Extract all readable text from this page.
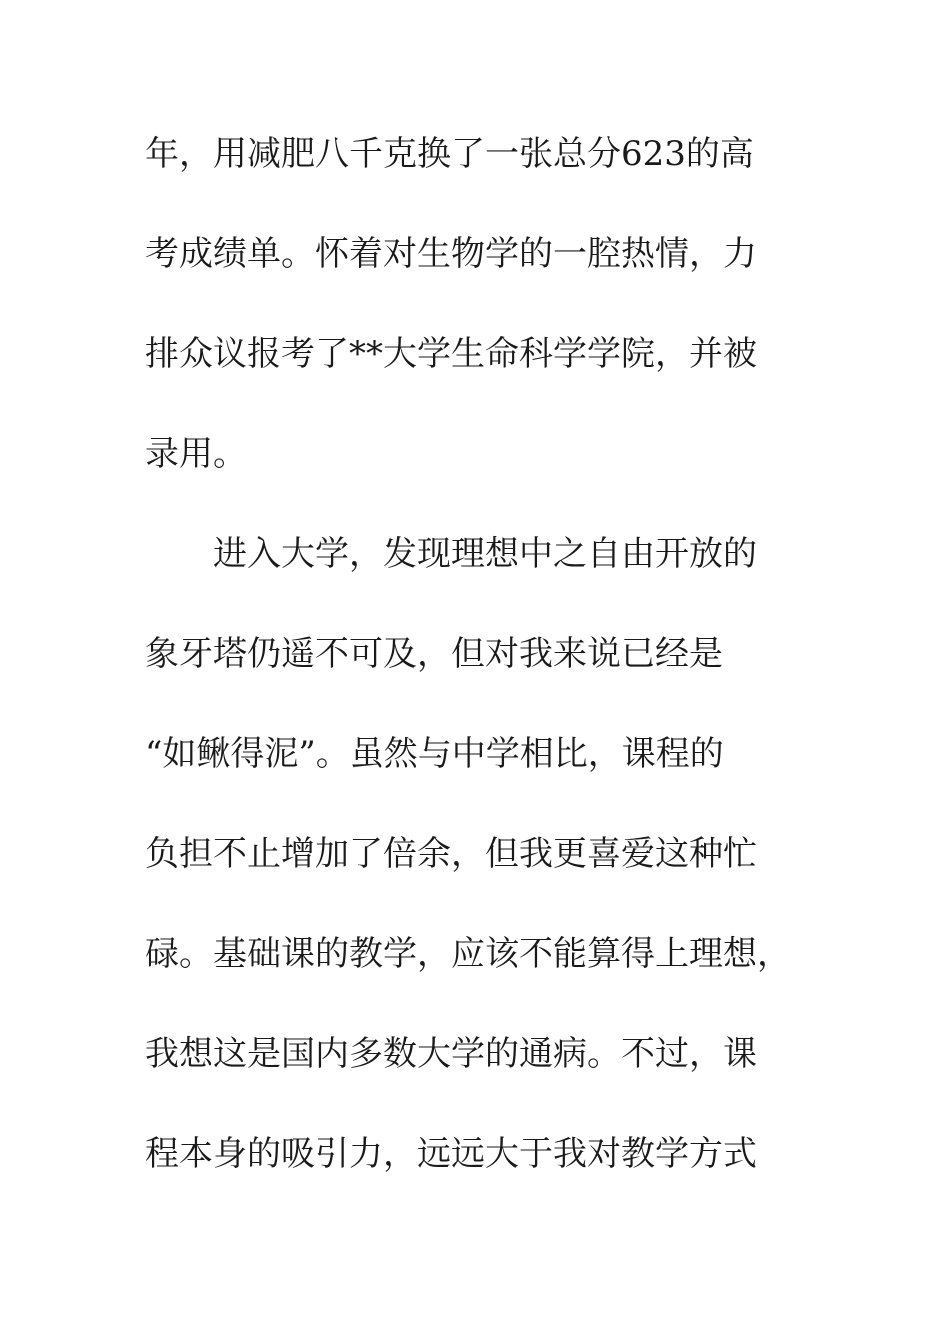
年，用减肥八千克换了一张总分623的高
考成绩单。怀着对生物学的一腔热情，力
排众议报考了**大学生命科学学院，并被
录用。
进入大学，发现理想中之自由开放的
象牙塔仍遥不可及，但对我来说已经是
“如鳅得泥”。虽然与中学相比，课程的
负担不止增加了倍余，但我更喜爱这种忙
碌。基础课的教学，应该不能算得上理想，
我想这是国内多数大学的通病。不过，课
程本身的吸引力，远远大于我对教学方式
